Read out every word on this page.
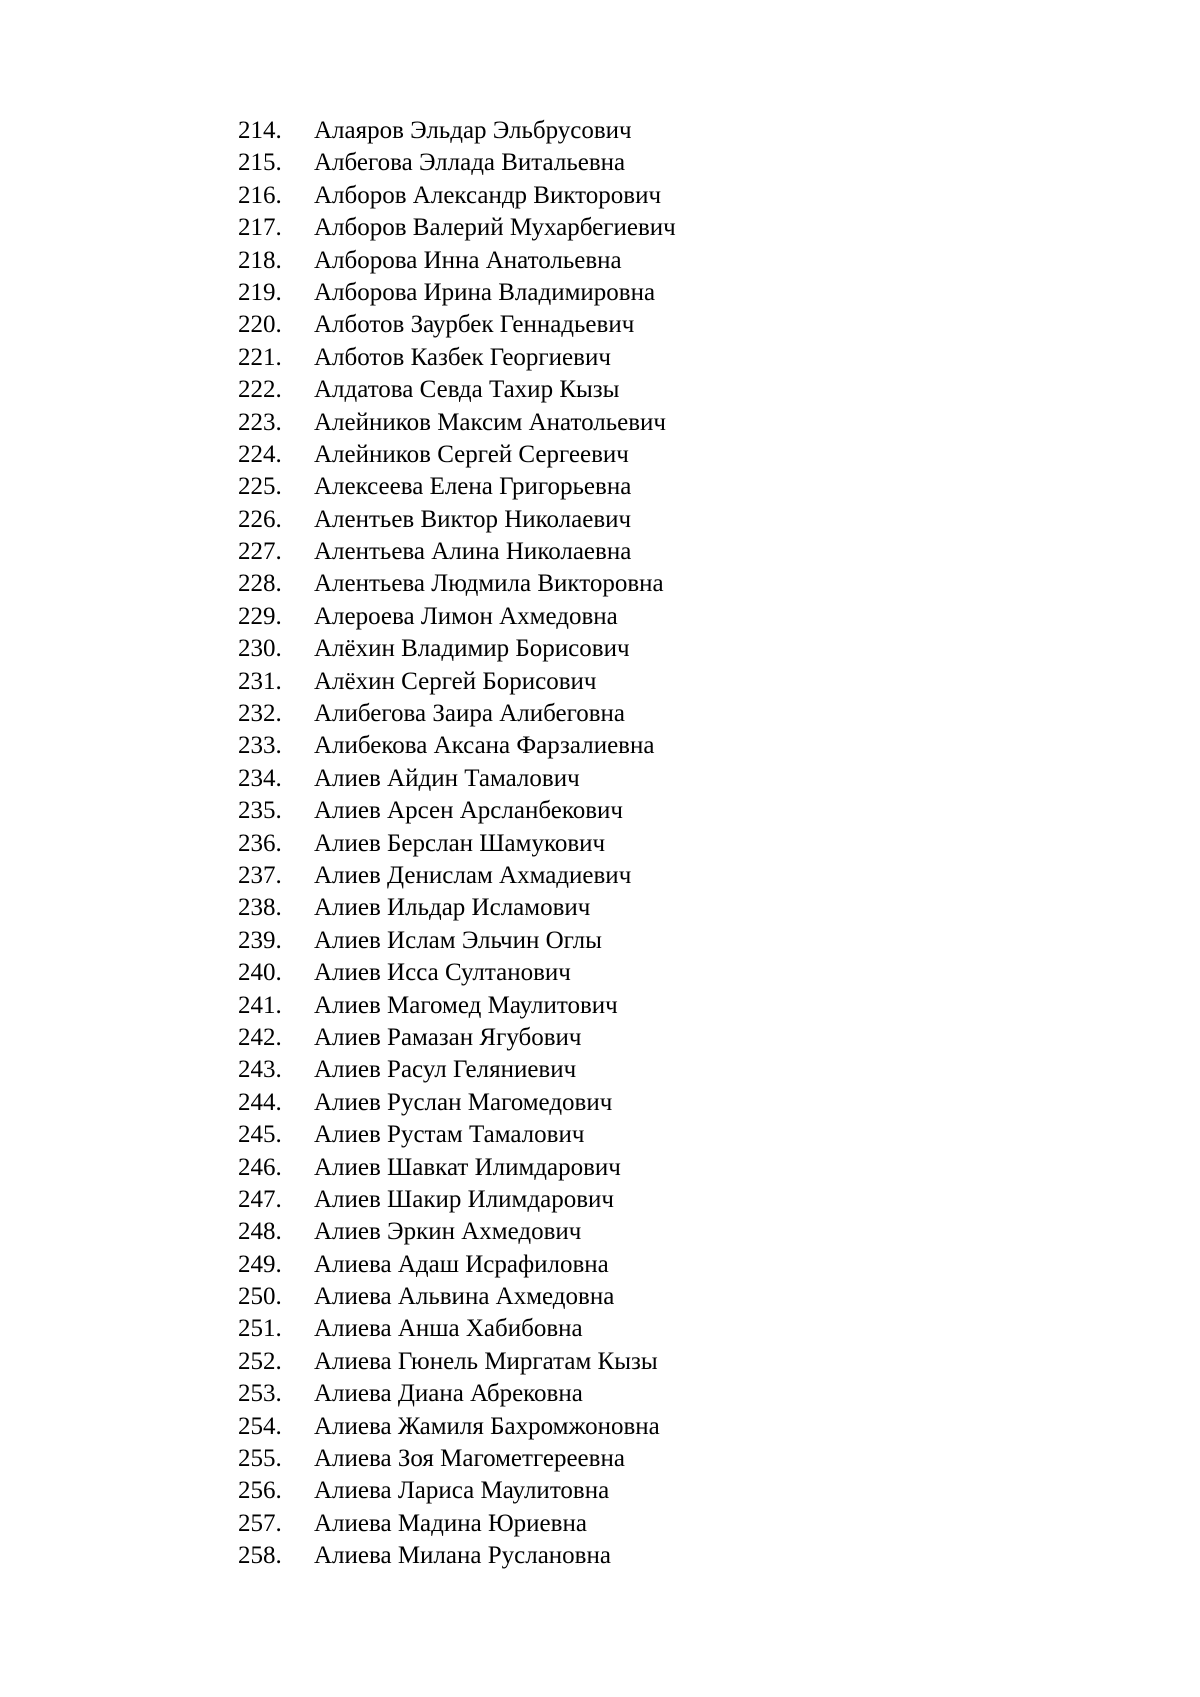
214. Алаяров Эльдар Эльбрусович
215. Албегова Эллада Витальевна
216. Алборов Александр Викторович
217. Алборов Валерий Мухарбегиевич
218. Алборова Инна Анатольевна
219. Алборова Ирина Владимировна
220. Алботов Заурбек Геннадьевич
221. Алботов Казбек Георгиевич
222. Алдатова Севда Тахир Кызы
223. Алейников Максим Анатольевич
224. Алейников Сергей Сергеевич
225. Алексеева Елена Григорьевна
226. Алентьев Виктор Николаевич
227. Алентьева Алина Николаевна
228. Алентьева Людмила Викторовна
229. Алероева Лимон Ахмедовна
230. Алёхин Владимир Борисович
231. Алёхин Сергей Борисович
232. Алибегова Заира Алибеговна
233. Алибекова Аксана Фарзалиевна
234. Алиев Айдин Тамалович
235. Алиев Арсен Арсланбекович
236. Алиев Берслан Шамукович
237. Алиев Денислам Ахмадиевич
238. Алиев Ильдар Исламович
239. Алиев Ислам Эльчин Оглы
240. Алиев Исса Султанович
241. Алиев Магомед Маулитович
242. Алиев Рамазан Ягубович
243. Алиев Расул Геляниевич
244. Алиев Руслан Магомедович
245. Алиев Рустам Тамалович
246. Алиев Шавкат Илимдарович
247. Алиев Шакир Илимдарович
248. Алиев Эркин Ахмедович
249. Алиева Адаш Исрафиловна
250. Алиева Альвина Ахмедовна
251. Алиева Анша Хабибовна
252. Алиева Гюнель Миргатам Кызы
253. Алиева Диана Абрековна
254. Алиева Жамиля Бахромжоновна
255. Алиева Зоя Магометгереевна
256. Алиева Лариса Маулитовна
257. Алиева Мадина Юриевна
258. Алиева Милана Руслановна
